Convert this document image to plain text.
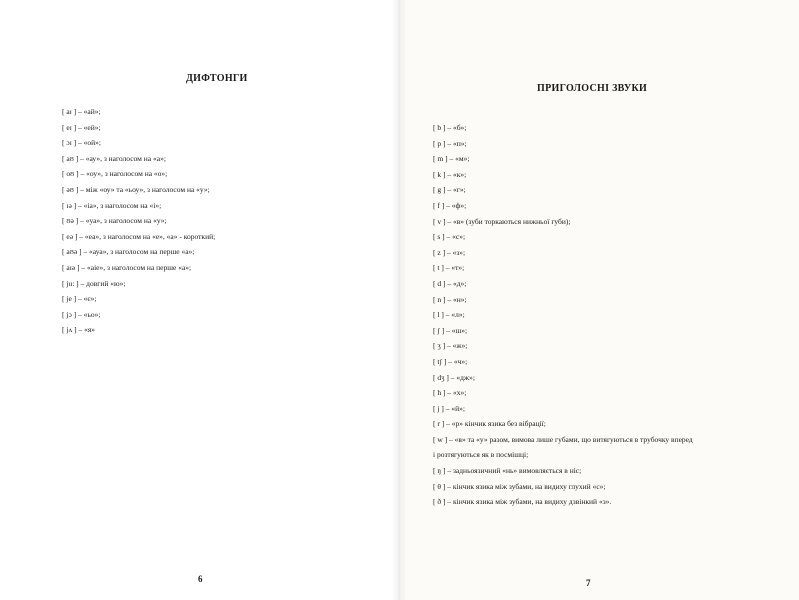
ДИФТОНГИ
[ aɪ ] – «ай»;
[ eɪ ] – «ей»;
[ ɔɪ ] – «ой»;
[ aʊ ] – «ау», з наголосом на «а»;
[ oʊ ] – «оу», з наголосом на «о»;
[ əʊ ] – між «оу» та «ьоу», з наголосом на «у»;
[ ɪə ] – «іа», з наголосом на «і»;
[ ʊə ] – «уа», з наголосом на «у»;
[ eə ] – «еа», з наголосом на «е», «а» - короткий;
[ aʊə ] – «ауа», з наголосом на перше «а»;
[ aɪə ] – «аіе», з наголосом на перше «а»;
[ ju: ] – довгий «ю»;
[ je ] – «є»;
[ jɔ ] – «ьо»;
[ jʌ ] – «я»
6
ПРИГОЛОСНІ ЗВУКИ
[ b ] – «б»;
[ p ] – «п»;
[ m ] – «м»;
[ k ] – «к»;
[ g ] – «г»;
[ f ] – «ф»;
[ v ] – «в» (зуби торкаються нижньої губи);
[ s ] – «с»;
[ z ] – «з»;
[ t ] – «т»;
[ d ] – «д»;
[ n ] – «н»;
[ l ] – «л»;
[ ʃ ] – «ш»;
[ ʒ ] – «ж»;
[ tʃ ] – «ч»;
[ dʒ ] – «дж»;
[ h ] – «х»;
[ j ] – «й»;
[ r ] – «р» кінчик язика без вібрації;
[ w ] – «в» та «у» разом, вимова лише губами, що витягуються в трубочку вперед
і розтягуються як в посмішці;
[ ŋ ] – задньоязичний «нь» вимовляється в ніс;
[ θ ] – кінчик язика між зубами, на видиху глухий «с»;
[ ð ] – кінчик язика між зубами, на видиху дзвінкий «з».
7
